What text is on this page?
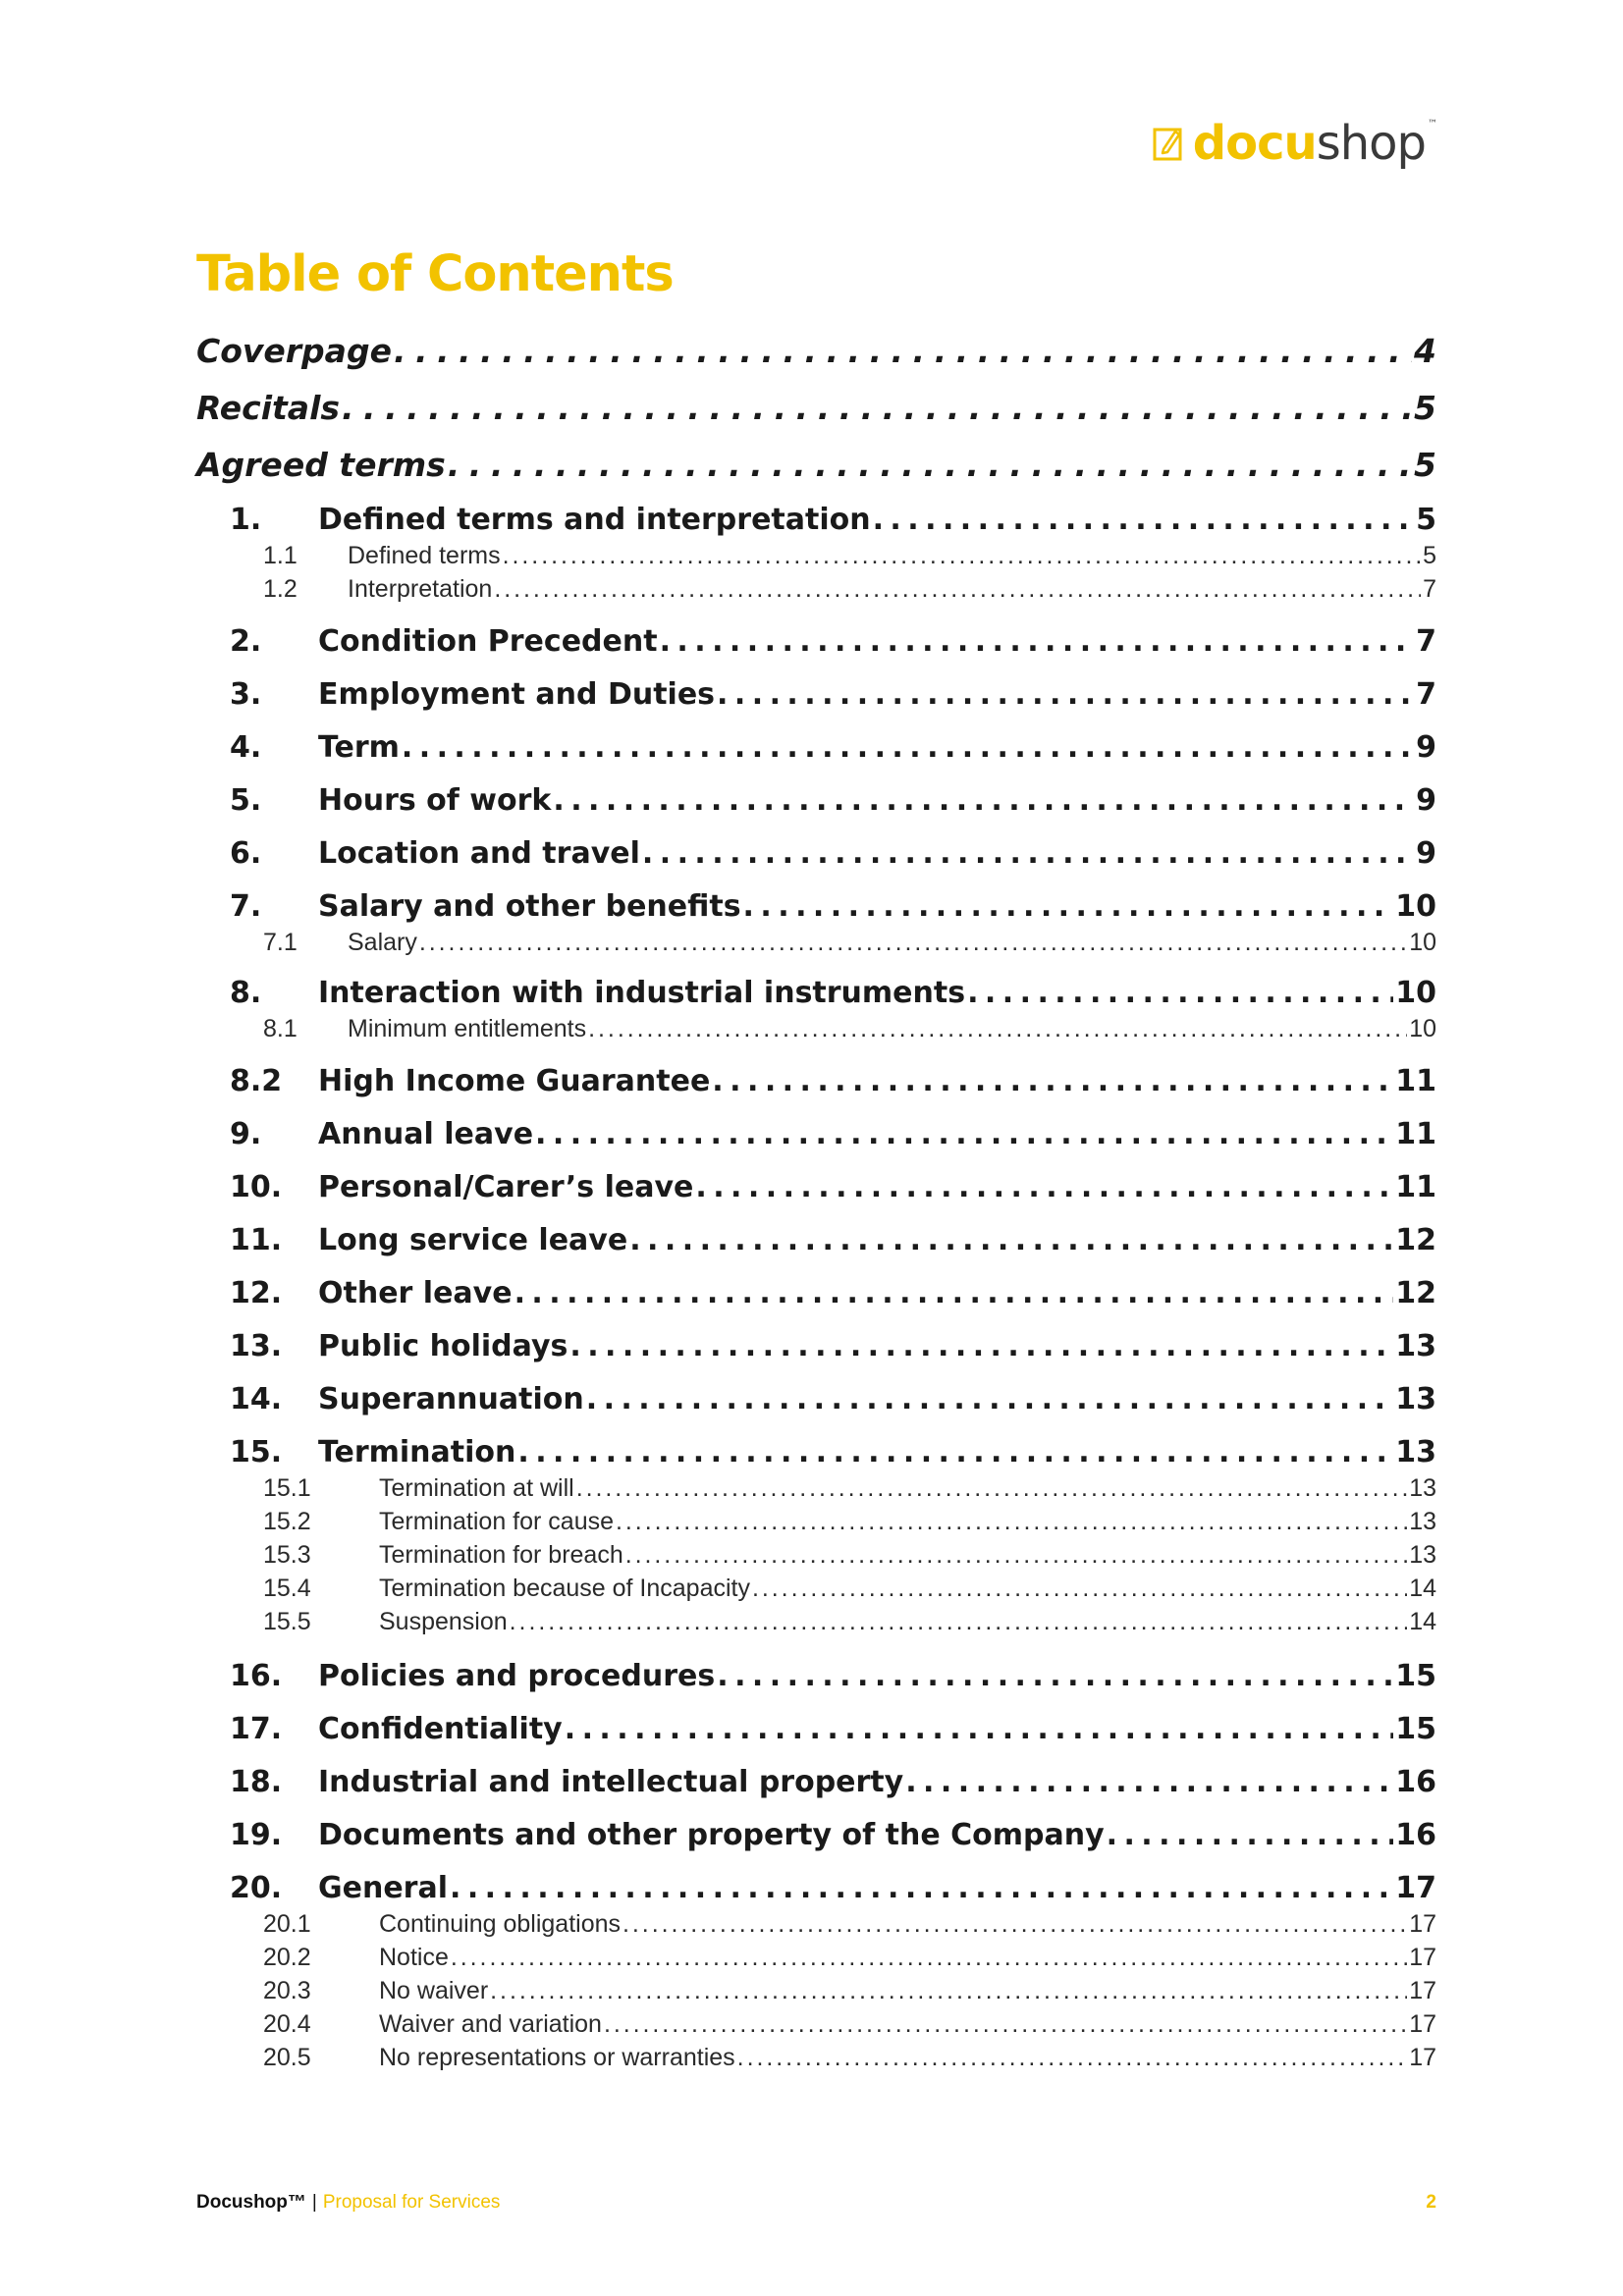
docushop ™
Table of Contents
Coverpage . . .	4
Recitals . . .	5
Agreed terms . . .	5
1.	Defined terms and interpretation . . .	5
1.1	Defined terms . . .	5
1.2	Interpretation . . .	7
2.	Condition Precedent . . .	7
3.	Employment and Duties . . .	7
4.	Term . . .	9
5.	Hours of work . . .	9
6.	Location and travel . . .	9
7.	Salary and other benefits . . .	10
7.1	Salary . . .	10
8.	Interaction with industrial instruments . . .	10
8.1	Minimum entitlements . . .	10
8.2	High Income Guarantee . . .	11
9.	Annual leave . . .	11
10.	Personal/Carer’s leave . . .	11
11.	Long service leave . . .	12
12.	Other leave . . .	12
13.	Public holidays . . .	13
14.	Superannuation . . .	13
15.	Termination . . .	13
15.1	Termination at will . . .	13
15.2	Termination for cause . . .	13
15.3	Termination for breach . . .	13
15.4	Termination because of Incapacity . . .	14
15.5	Suspension . . .	14
16.	Policies and procedures . . .	15
17.	Confidentiality . . .	15
18.	Industrial and intellectual property . . .	16
19.	Documents and other property of the Company . . .	16
20.	General . . .	17
20.1	Continuing obligations . . .	17
20.2	Notice . . .	17
20.3	No waiver . . .	17
20.4	Waiver and variation . . .	17
20.5	No representations or warranties . . .	17
Docushop™ | Proposal for Services	2
